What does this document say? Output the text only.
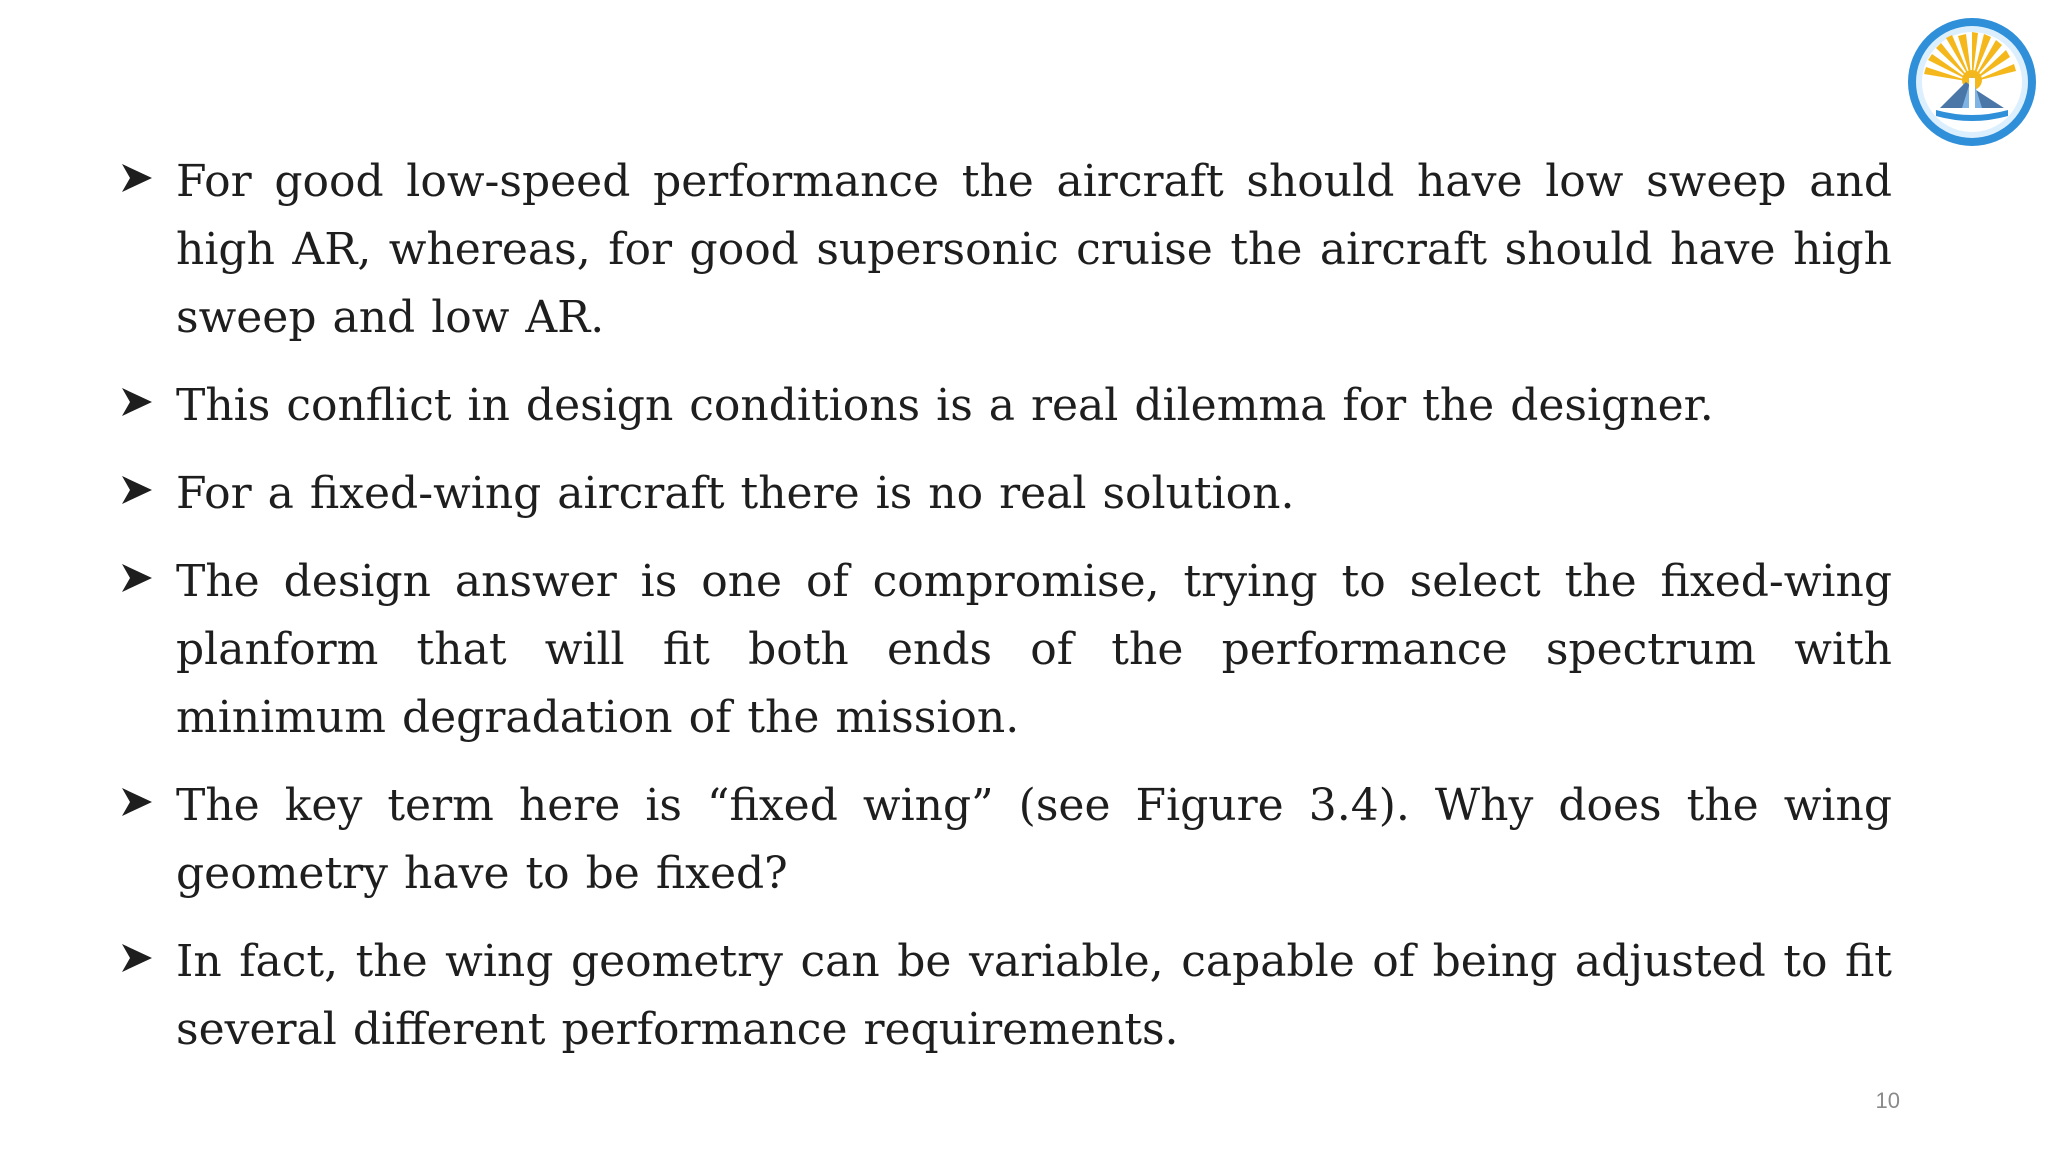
For good low-speed performance the aircraft should have low sweep and high AR, whereas, for good supersonic cruise the aircraft should have high sweep and low AR.
This conflict in design conditions is a real dilemma for the designer.
For a fixed-wing aircraft there is no real solution.
The design answer is one of compromise, trying to select the fixed-wing planform that will fit both ends of the performance spectrum with minimum degradation of the mission.
The key term here is “fixed wing” (see Figure 3.4). Why does the wing geometry have to be fixed?
In fact, the wing geometry can be variable, capable of being adjusted to fit several different performance requirements.
10
